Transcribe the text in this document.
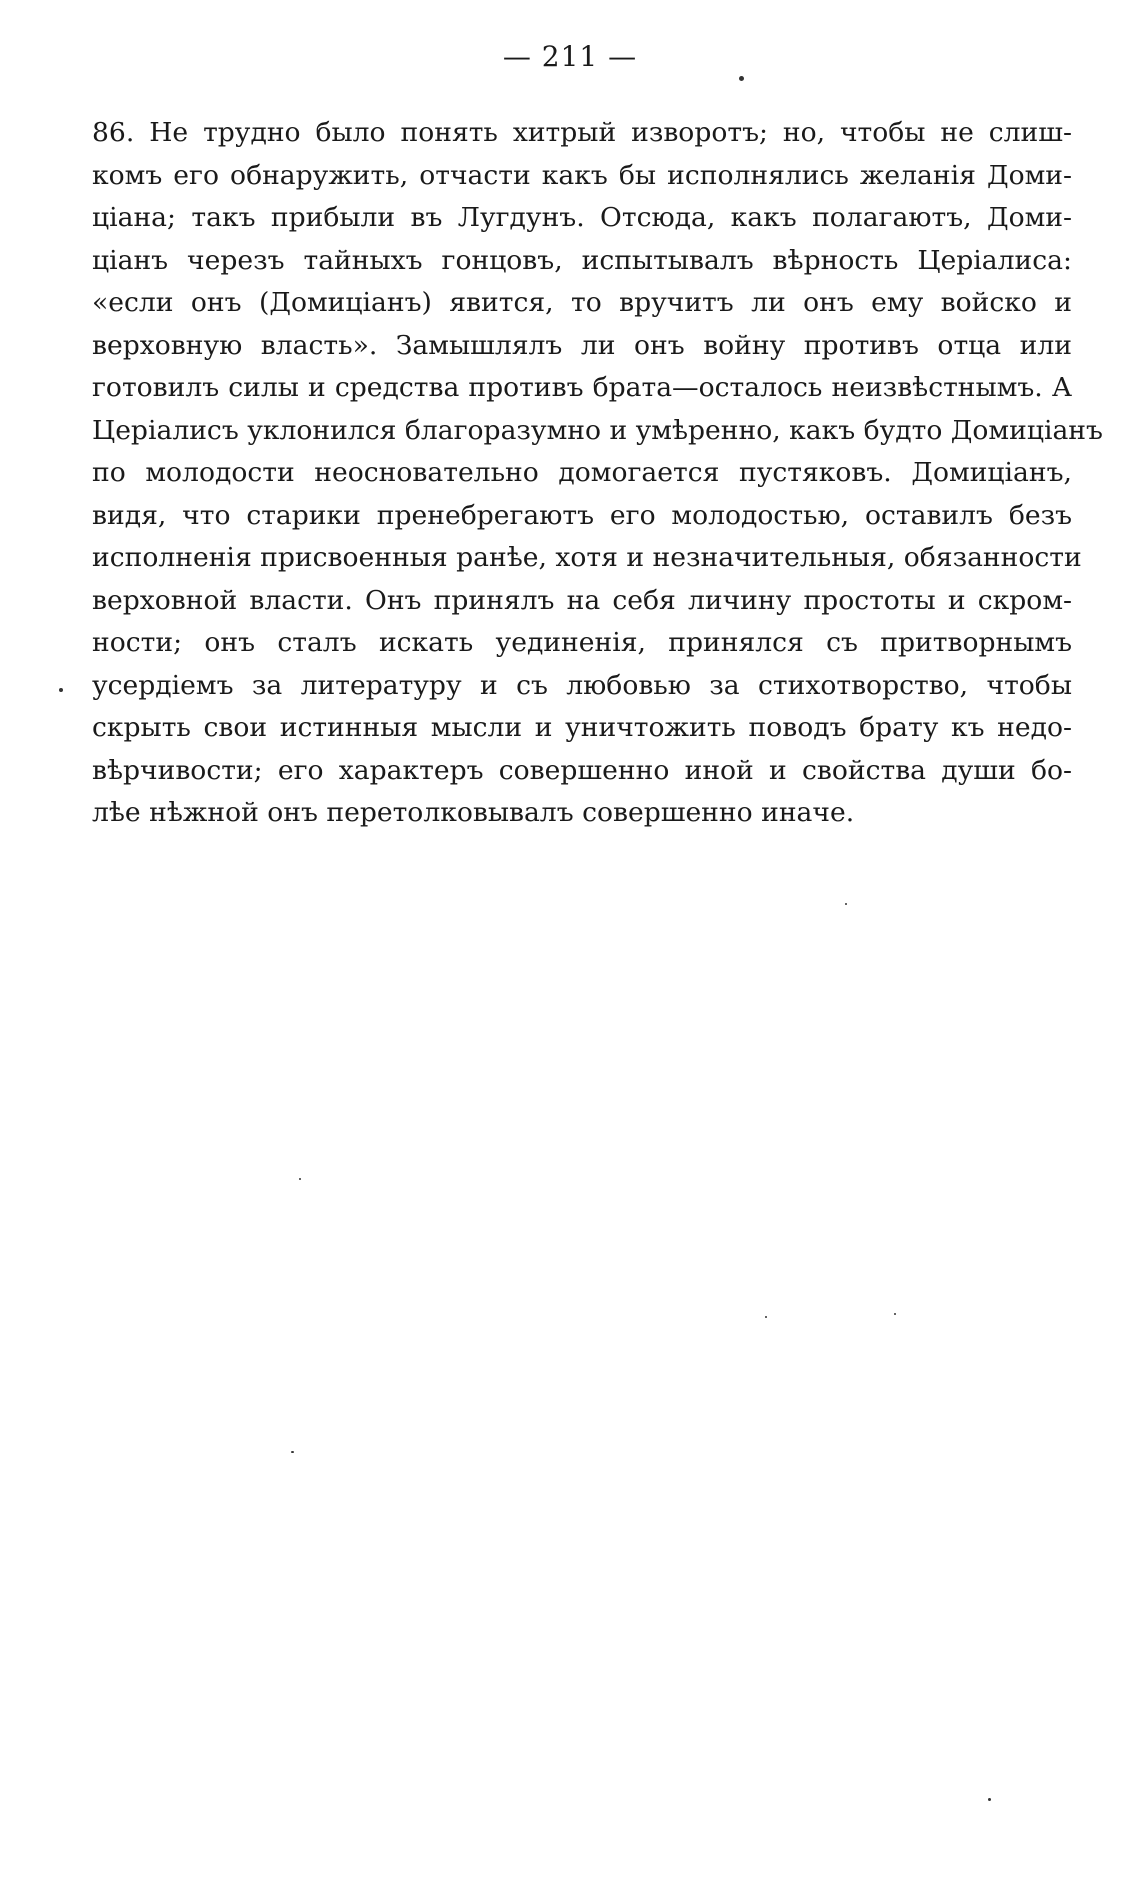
— 211 —
86. Не трудно было понять хитрый изворотъ; но, чтобы не слиш-
комъ его обнаружить, отчасти какъ бы исполнялись желанія Доми-
ціана; такъ прибыли въ Лугдунъ. Отсюда, какъ полагаютъ, Доми-
ціанъ черезъ тайныхъ гонцовъ, испытывалъ вѣрность Церіалиса:
«если онъ (Домиціанъ) явится, то вручитъ ли онъ ему войско и
верховную власть». Замышлялъ ли онъ войну противъ отца или
готовилъ силы и средства противъ брата—осталось неизвѣстнымъ. А
Церіалисъ уклонился благоразумно и умѣренно, какъ будто Домиціанъ
по молодости неосновательно домогается пустяковъ. Домиціанъ,
видя, что старики пренебрегаютъ его молодостью, оставилъ безъ
исполненія присвоенныя ранѣе, хотя и незначительныя, обязанности
верховной власти. Онъ принялъ на себя личину простоты и скром-
ности; онъ сталъ искать уединенія, принялся съ притворнымъ
усердіемъ за литературу и съ любовью за стихотворство, чтобы
скрыть свои истинныя мысли и уничтожить поводъ брату къ недо-
вѣрчивости; его характеръ совершенно иной и свойства души бо-
лѣе нѣжной онъ перетолковывалъ совершенно иначе.
